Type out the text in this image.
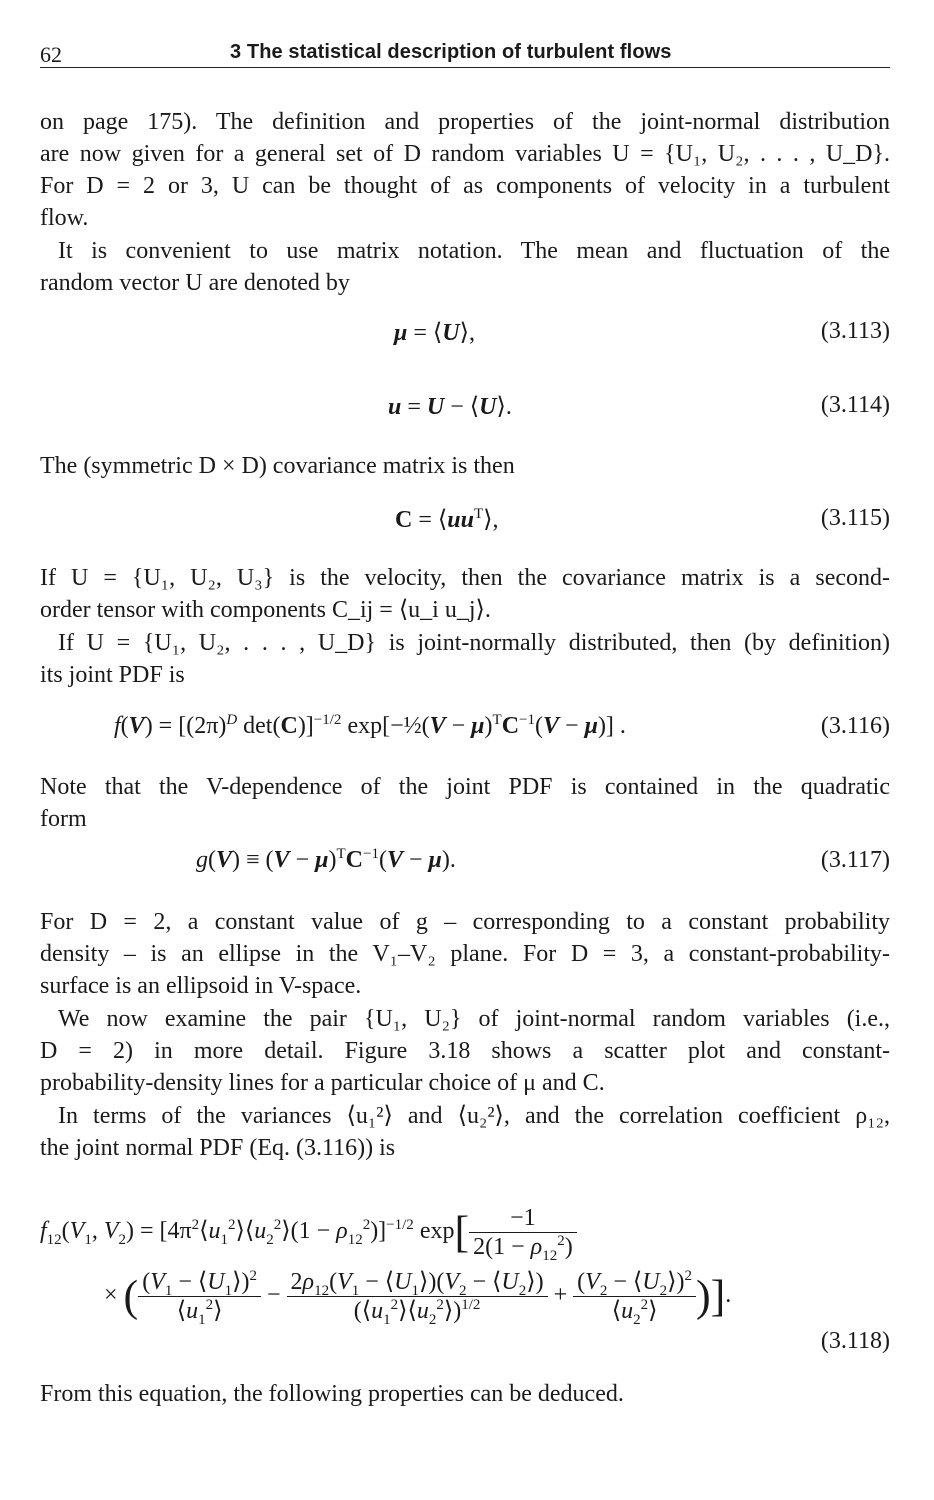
62	3 The statistical description of turbulent flows
on page 175). The definition and properties of the joint-normal distribution
are now given for a general set of D random variables U = {U₁, U₂, . . . , U_D}.
For D = 2 or 3, U can be thought of as components of velocity in a turbulent
flow.
It is convenient to use matrix notation. The mean and fluctuation of the
random vector U are denoted by
μ = ⟨U⟩,	(3.113)
u = U − ⟨U⟩.	(3.114)
The (symmetric D × D) covariance matrix is then
$C = ⟨uu^T⟩$,	(3.115)
If U = {U₁, U₂, U₃} is the velocity, then the covariance matrix is a second-
order tensor with components C_ij = ⟨u_i u_j⟩.
If U = {U₁, U₂, . . . , U_D} is joint-normally distributed, then (by definition)
its joint PDF is
$f(V) = [(2\pi)^D$ det(C)]$^{-1/2}$ exp[−½(V − $\mu)^TC^{-1}(V - \mu)$] .	(3.116)
Note that the V-dependence of the joint PDF is contained in the quadratic
form
$g(V) \equiv (V - \mu)^TC^{-1}(V - \mu)$.	(3.117)
For D = 2, a constant value of g – corresponding to a constant probability
density – is an ellipse in the V₁–V₂ plane. For D = 3, a constant-probability-
surface is an ellipsoid in V-space.
We now examine the pair {U₁, U₂} of joint-normal random variables (i.e.,
D = 2) in more detail. Figure 3.18 shows a scatter plot and constant-
probability-density lines for a particular choice of μ and C.
In terms of the variances ⟨u₁²⟩ and ⟨u₂²⟩, and the correlation coefficient ρ₁₂,
the joint normal PDF (Eq. (3.116)) is
$f_{12}(V_1$, $V_2$) = $[4\pi^2⟨u_1^2⟩⟨u_2^2⟩(1 - \rho_{12}^2)]^{-1/2}$ $\exp[ \frac{-1}{2(1 - \rho_{12}^2)}$
× ( $\frac{(V_1 - ⟨U_1⟩)^2}{⟨u_1^2⟩} - \frac{2\rho_{12}(V_1 - ⟨U_1⟩)(V_2 - ⟨U_2⟩)}{(⟨u_1^2⟩⟨u_2^2⟩)^{1/2}} + \frac{(V_2 - ⟨U_2⟩)^2}{⟨u_2^2⟩}$ )].
(3.118)
From this equation, the following properties can be deduced.
